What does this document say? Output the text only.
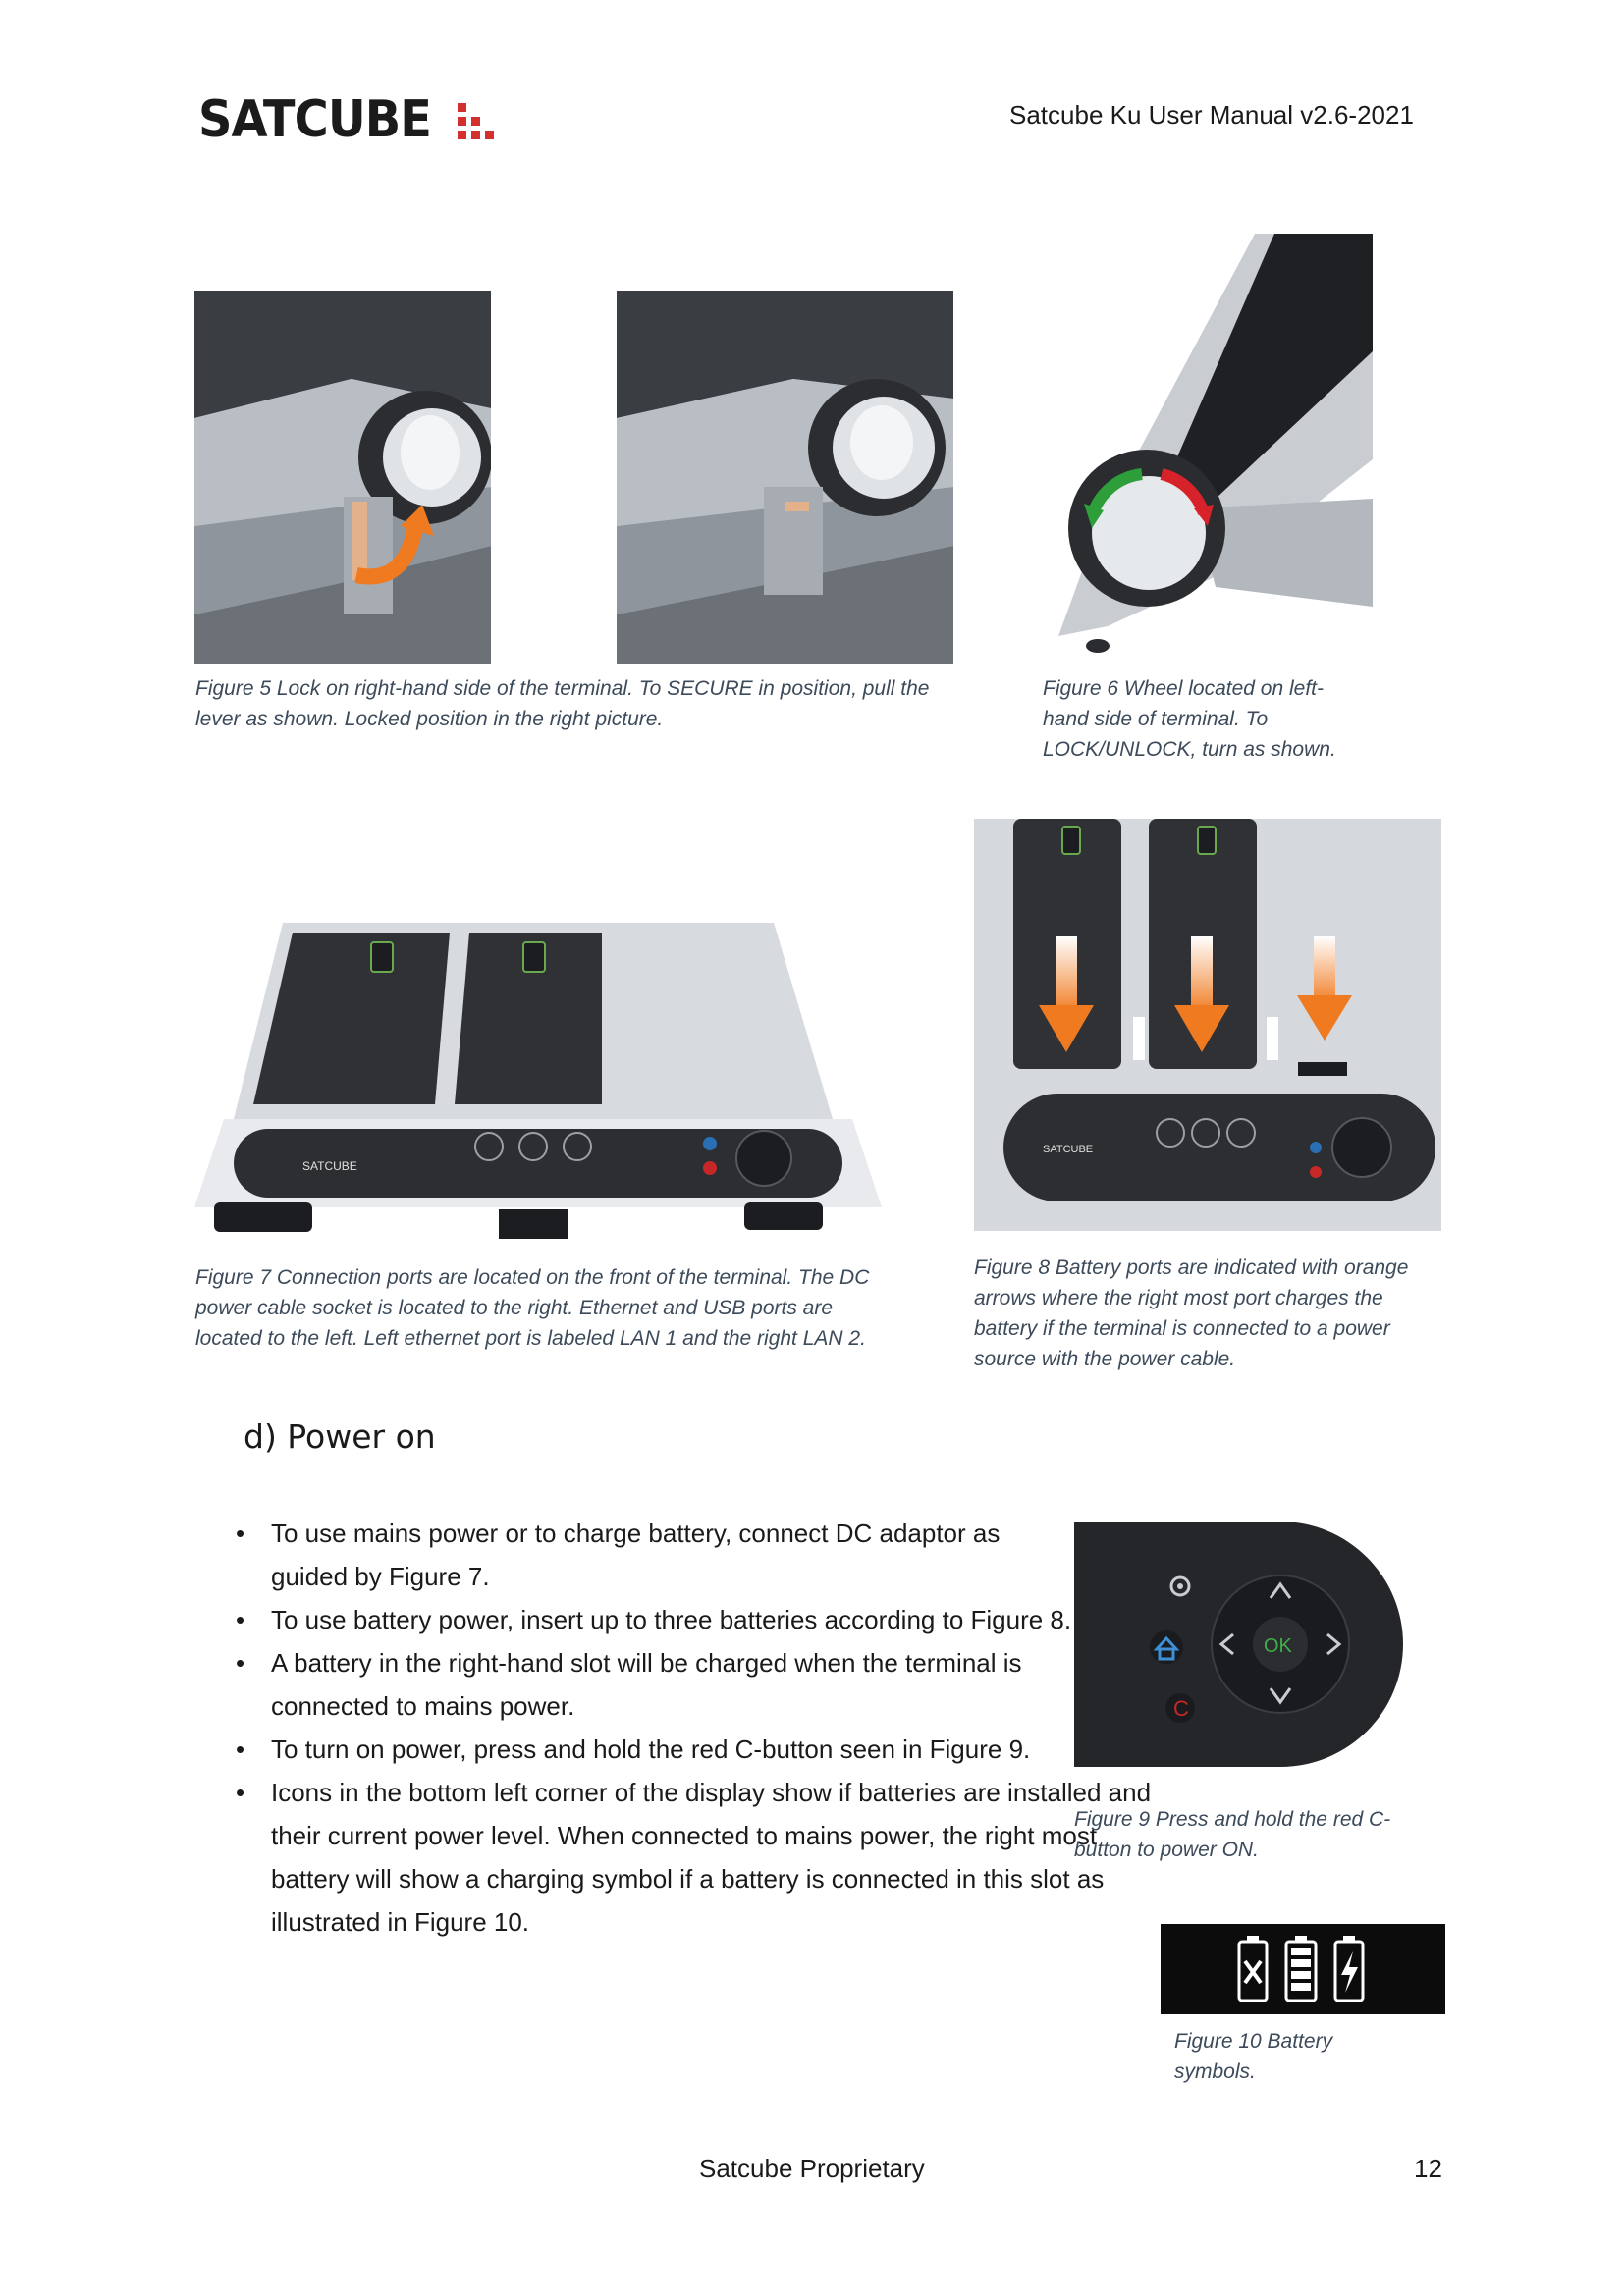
SATCUBE	Satcube Ku User Manual v2.6-2021
Figure 5 Lock on right-hand side of the terminal. To SECURE in position, pull the lever as shown. Locked position in the right picture.
Figure 6 Wheel located on left-hand side of terminal. To LOCK/UNLOCK, turn as shown.
SATCUBE
Figure 7 Connection ports are located on the front of the terminal. The DC power cable socket is located to the right. Ethernet and USB ports are located to the left. Left ethernet port is labeled LAN 1 and the right LAN 2.
SATCUBE
Figure 8 Battery ports are indicated with orange arrows where the right most port charges the battery if the terminal is connected to a power source with the power cable.
d) Power on
• To use mains power or to charge battery, connect DC adaptor as guided by Figure 7.
• To use battery power, insert up to three batteries according to Figure 8.
• A battery in the right-hand slot will be charged when the terminal is connected to mains power.
• To turn on power, press and hold the red C-button seen in Figure 9.
• Icons in the bottom left corner of the display show if batteries are installed and their current power level. When connected to mains power, the right most battery will show a charging symbol if a battery is connected in this slot as illustrated in Figure 10.
C
OK
Figure 9 Press and hold the red C-button to power ON.
Figure 10 Battery symbols.
Satcube Proprietary	12
